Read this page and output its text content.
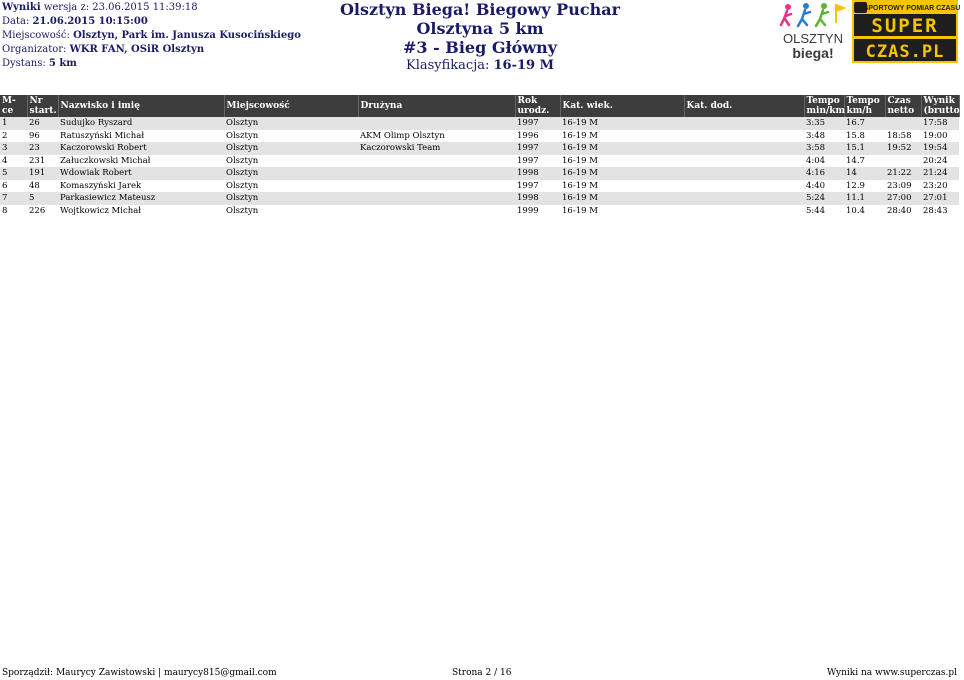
Wyniki wersja z: 23.06.2015 11:39:18
Data: 21.06.2015 10:15:00
Miejscowość: Olsztyn, Park im. Janusza Kusocińskiego
Organizator: WKR FAN, OSiR Olsztyn
Dystans: 5 km
Olsztyn Biega! Biegowy Puchar Olsztyna 5 km
#3 - Bieg Główny
Klasyfikacja: 16-19 M
OLSZTYN
biega!
SPORTOWY POMIAR CZASU
SUPER
CZAS.PL
M-ce	Nr start.	Nazwisko i imię	Miejscowość	Drużyna	Rok urodz.	Kat. wiek.	Kat. dod.	Tempo min/km	Tempo km/h	Czas netto	Wynik (brutto)
1	26	Sudujko Ryszard	Olsztyn		1997	16-19 M		3:35	16.7		17:58
2	96	Ratuszyński Michał	Olsztyn	AKM Olimp Olsztyn	1996	16-19 M		3:48	15.8	18:58	19:00
3	23	Kaczorowski Robert	Olsztyn	Kaczorowski Team	1997	16-19 M		3:58	15.1	19:52	19:54
4	231	Załuczkowski Michał	Olsztyn		1997	16-19 M		4:04	14.7		20:24
5	191	Wdowiak Robert	Olsztyn		1998	16-19 M		4:16	14	21:22	21:24
6	48	Komaszyński Jarek	Olsztyn		1997	16-19 M		4:40	12.9	23:09	23:20
7	5	Parkasiewicz Mateusz	Olsztyn		1998	16-19 M		5:24	11.1	27:00	27:01
8	226	Wojtkowicz Michał	Olsztyn		1999	16-19 M		5:44	10.4	28:40	28:43
Sporządził: Maurycy Zawistowski | maurycy815@gmail.com	Strona 2 / 16	Wyniki na www.superczas.pl
